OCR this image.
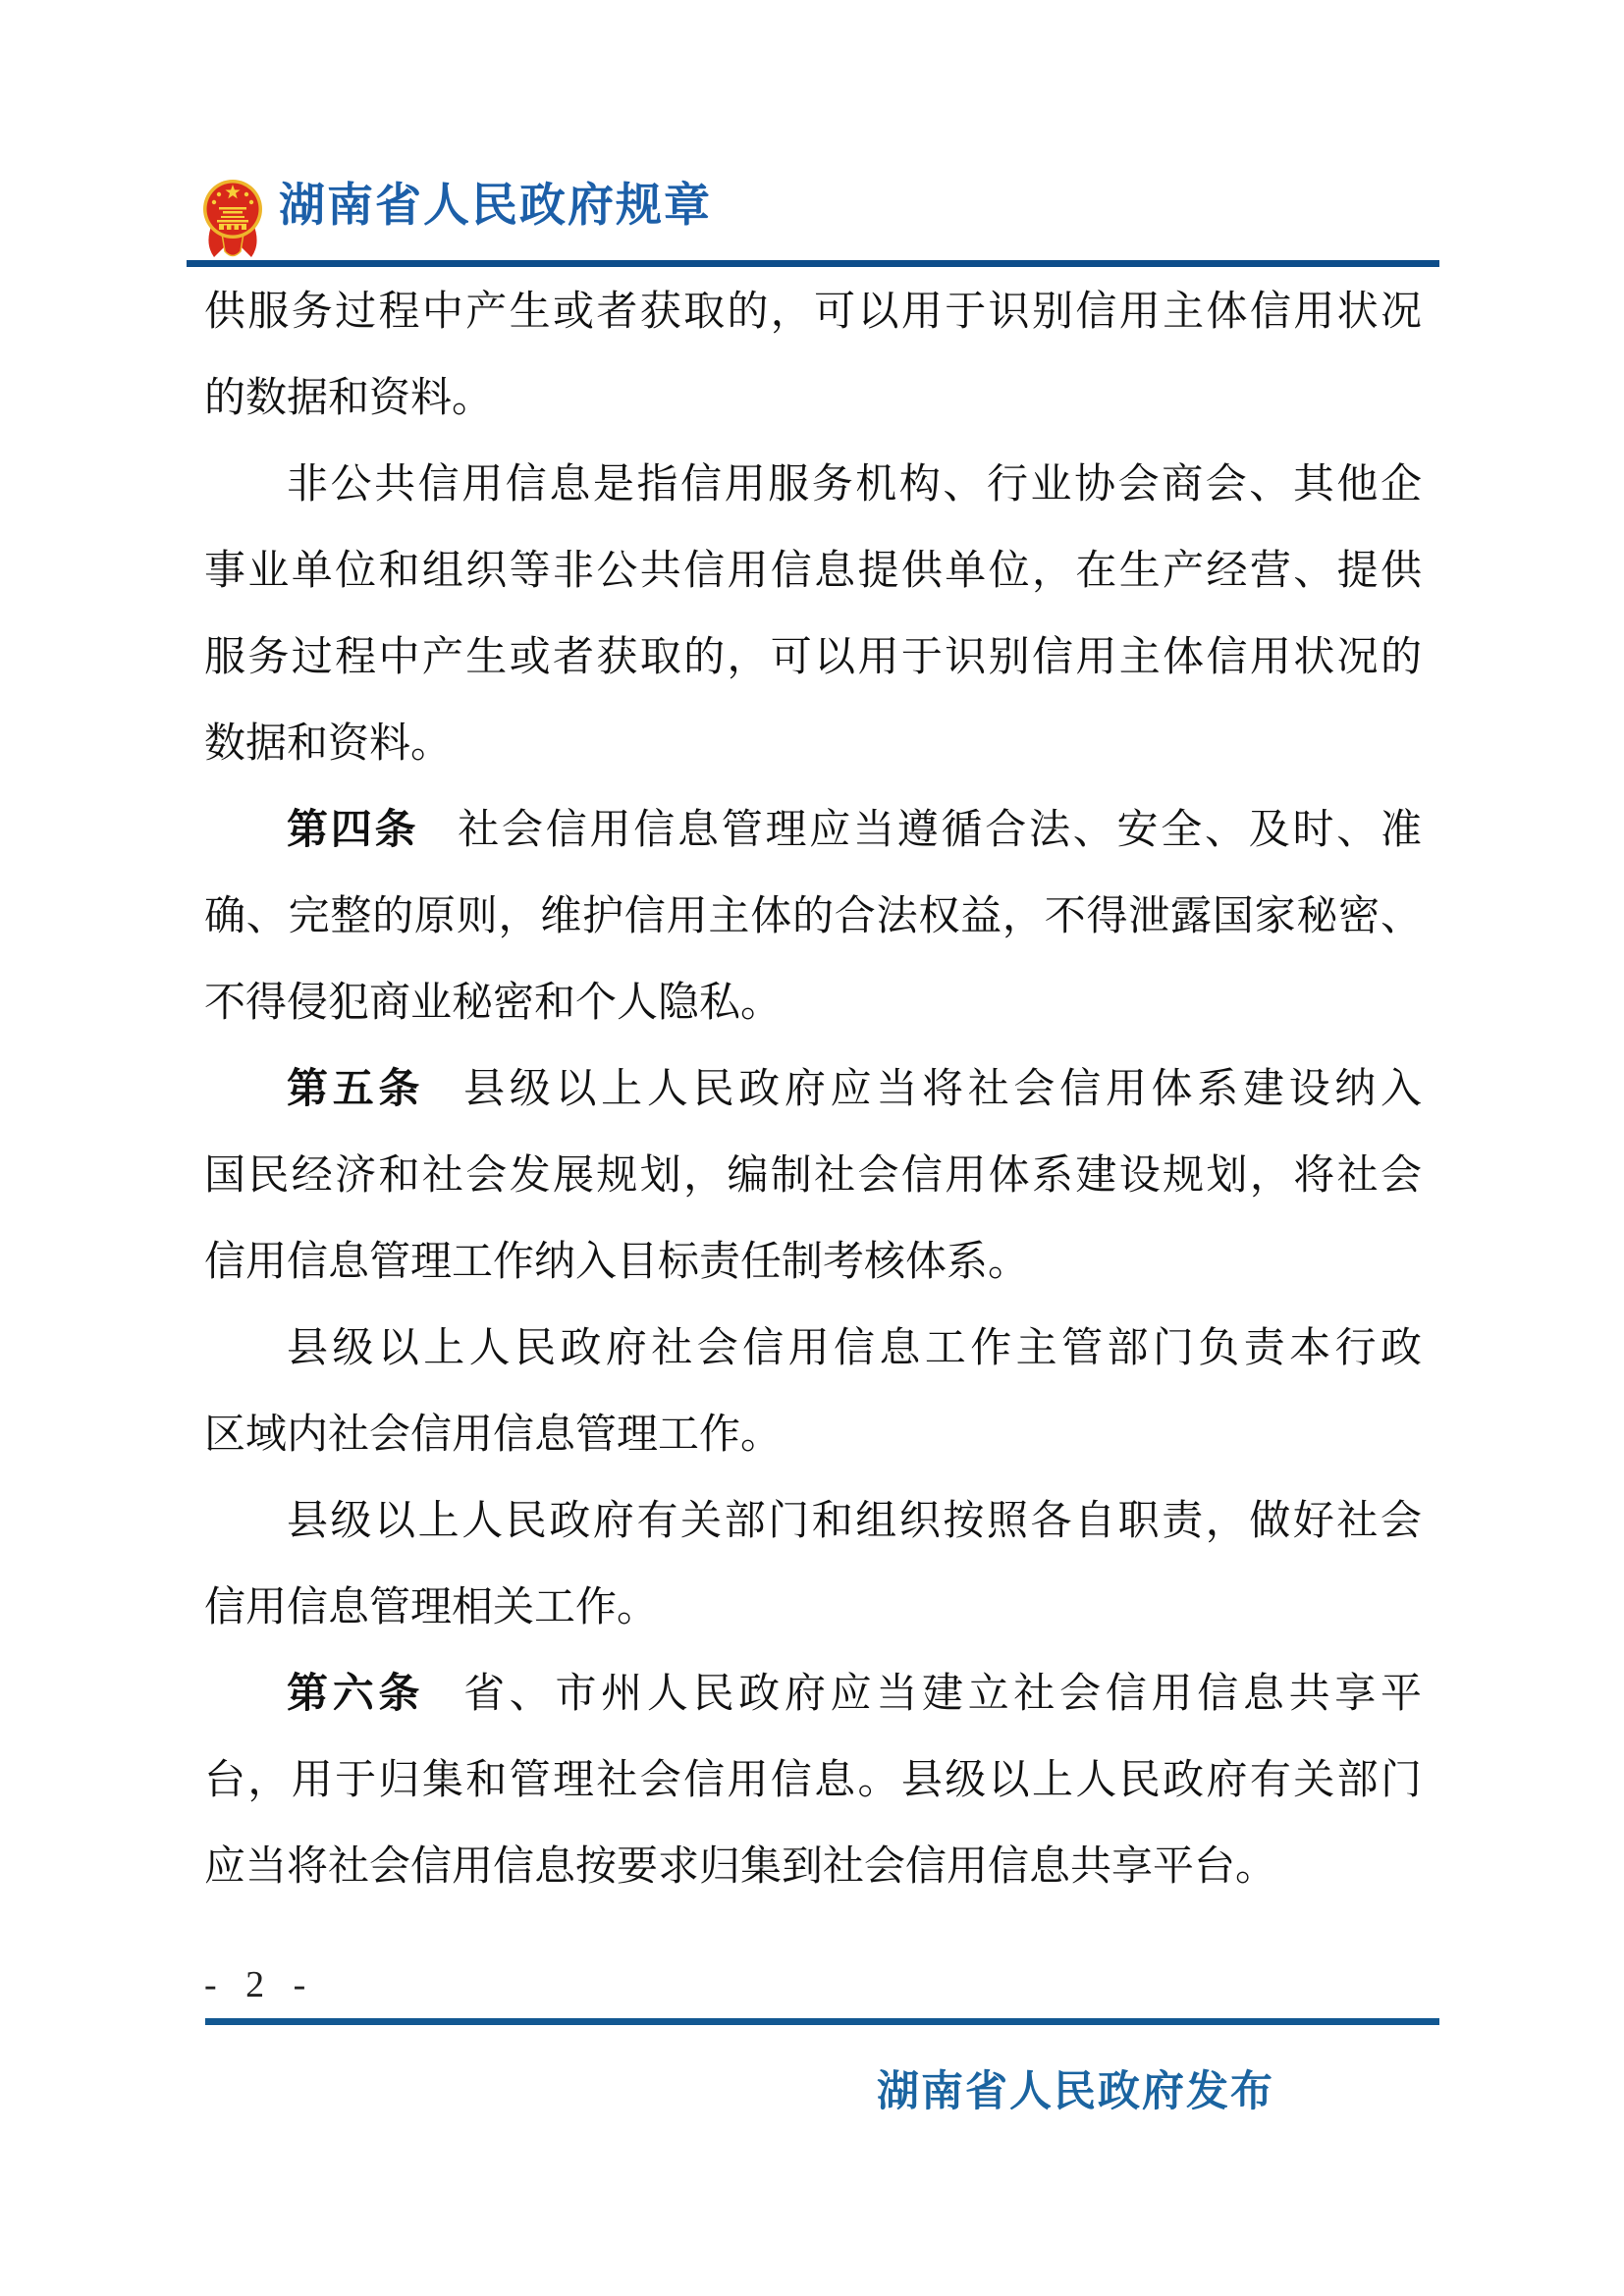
湖南省人民政府规章
供服务过程中产生或者获取的，可以用于识别信用主体信用状况
的数据和资料。
非公共信用信息是指信用服务机构、行业协会商会、其他企
事业单位和组织等非公共信用信息提供单位，在生产经营、提供
服务过程中产生或者获取的，可以用于识别信用主体信用状况的
数据和资料。
第四条 社会信用信息管理应当遵循合法、安全、及时、准
确、完整的原则，维护信用主体的合法权益，不得泄露国家秘密、
不得侵犯商业秘密和个人隐私。
第五条 县级以上人民政府应当将社会信用体系建设纳入
国民经济和社会发展规划，编制社会信用体系建设规划，将社会
信用信息管理工作纳入目标责任制考核体系。
县级以上人民政府社会信用信息工作主管部门负责本行政
区域内社会信用信息管理工作。
县级以上人民政府有关部门和组织按照各自职责，做好社会
信用信息管理相关工作。
第六条 省、市州人民政府应当建立社会信用信息共享平
台，用于归集和管理社会信用信息。县级以上人民政府有关部门
应当将社会信用信息按要求归集到社会信用信息共享平台。
- 2 -
湖南省人民政府发布
